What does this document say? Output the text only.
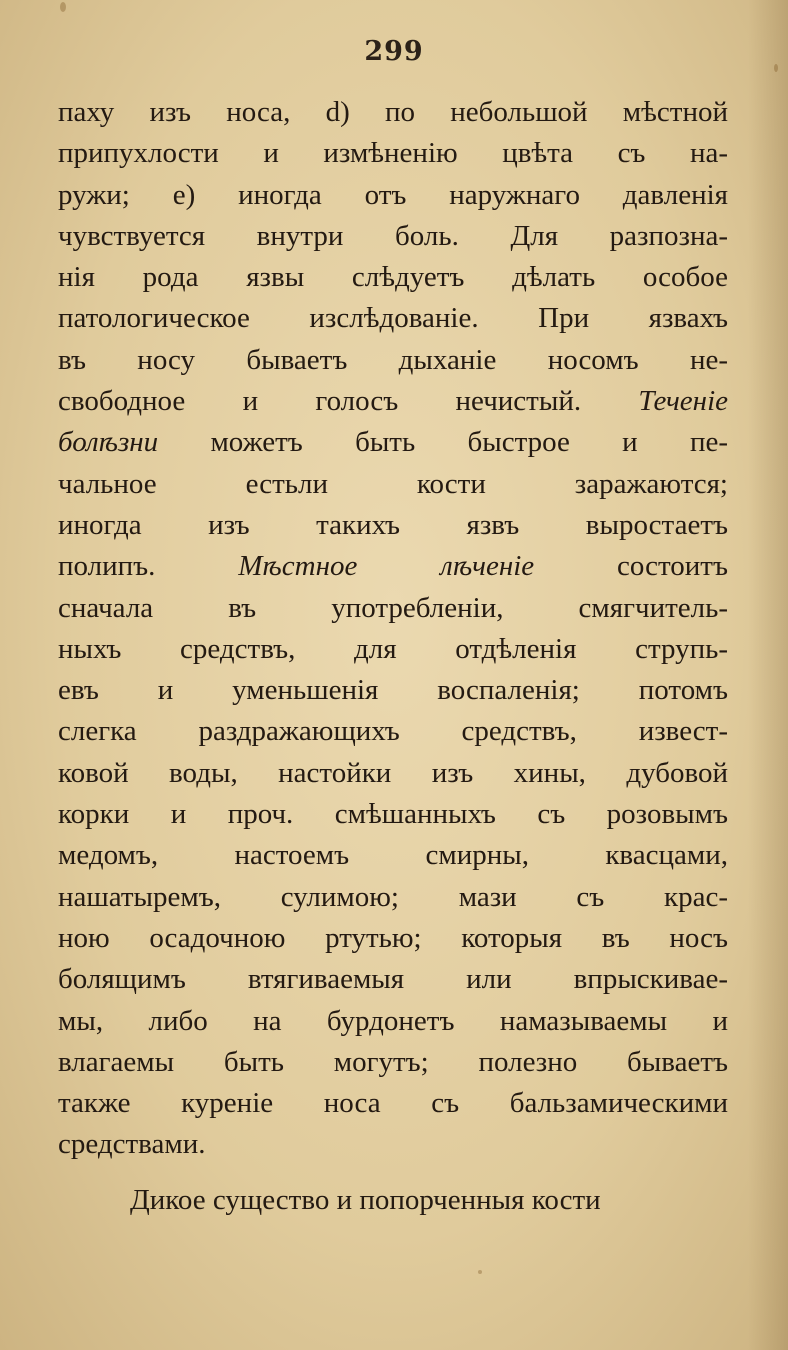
299
паху изъ носа, d) по небольшой мѣстной
припухлости и измѣненію цвѣта съ на-
ружи; е) иногда отъ наружнаго давленія
чувствуется внутри боль. Для разпозна-
нія рода язвы слѣдуетъ дѣлать особое
патологическое изслѣдованіе. При язвахъ
въ носу бываетъ дыханіе носомъ не-
свободное и голосъ нечистый. Теченіе
болѣзни можетъ быть быстрое и пе-
чальное естьли кости заражаются;
иногда изъ такихъ язвъ выростаетъ
полипъ. Мѣстное лѣченіе состоитъ
сначала въ употребленіи, смягчитель-
ныхъ средствъ, для отдѣленія струпь-
евъ и уменьшенія воспаленія; потомъ
слегка раздражающихъ средствъ, извест-
ковой воды, настойки изъ хины, дубовой
корки и проч. смѣшанныхъ съ розовымъ
медомъ, настоемъ смирны, квасцами,
нашатыремъ, сулимою; мази съ крас-
ною осадочною ртутью; которыя въ носъ
болящимъ втягиваемыя или впрыскивае-
мы, либо на бурдонетъ намазываемы и
влагаемы быть могутъ; полезно бываетъ
также куреніе носа съ бальзамическими
средствами.
Дикое существо и попорченныя кости
